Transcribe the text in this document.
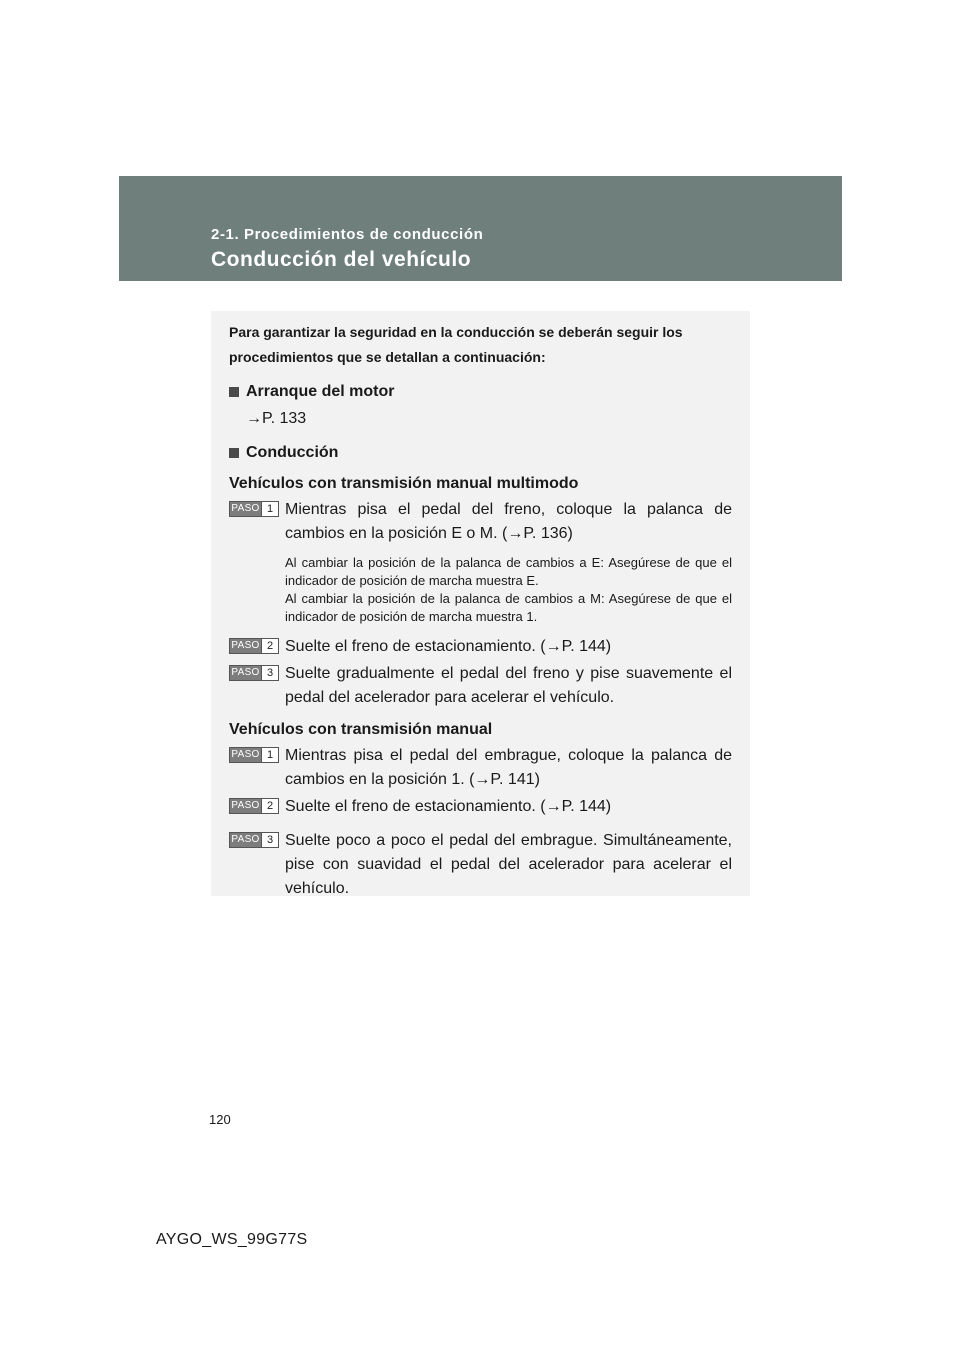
2-1. Procedimientos de conducción
Conducción del vehículo

Para garantizar la seguridad en la conducción se deberán seguir los procedimientos que se detallan a continuación:

Arranque del motor
→P. 133
Conducción
Vehículos con transmisión manual multimodo
PASO 1 Mientras pisa el pedal del freno, coloque la palanca de cambios en la posición E o M. (→P. 136)
Al cambiar la posición de la palanca de cambios a E: Asegúrese de que el indicador de posición de marcha muestra E.
Al cambiar la posición de la palanca de cambios a M: Asegúrese de que el indicador de posición de marcha muestra 1.
PASO 2 Suelte el freno de estacionamiento. (→P. 144)
PASO 3 Suelte gradualmente el pedal del freno y pise suavemente el pedal del acelerador para acelerar el vehículo.
Vehículos con transmisión manual
PASO 1 Mientras pisa el pedal del embrague, coloque la palanca de cambios en la posición 1. (→P. 141)
PASO 2 Suelte el freno de estacionamiento. (→P. 144)
PASO 3 Suelte poco a poco el pedal del embrague. Simultáneamente, pise con suavidad el pedal del acelerador para acelerar el vehículo.
120
AYGO_WS_99G77S
